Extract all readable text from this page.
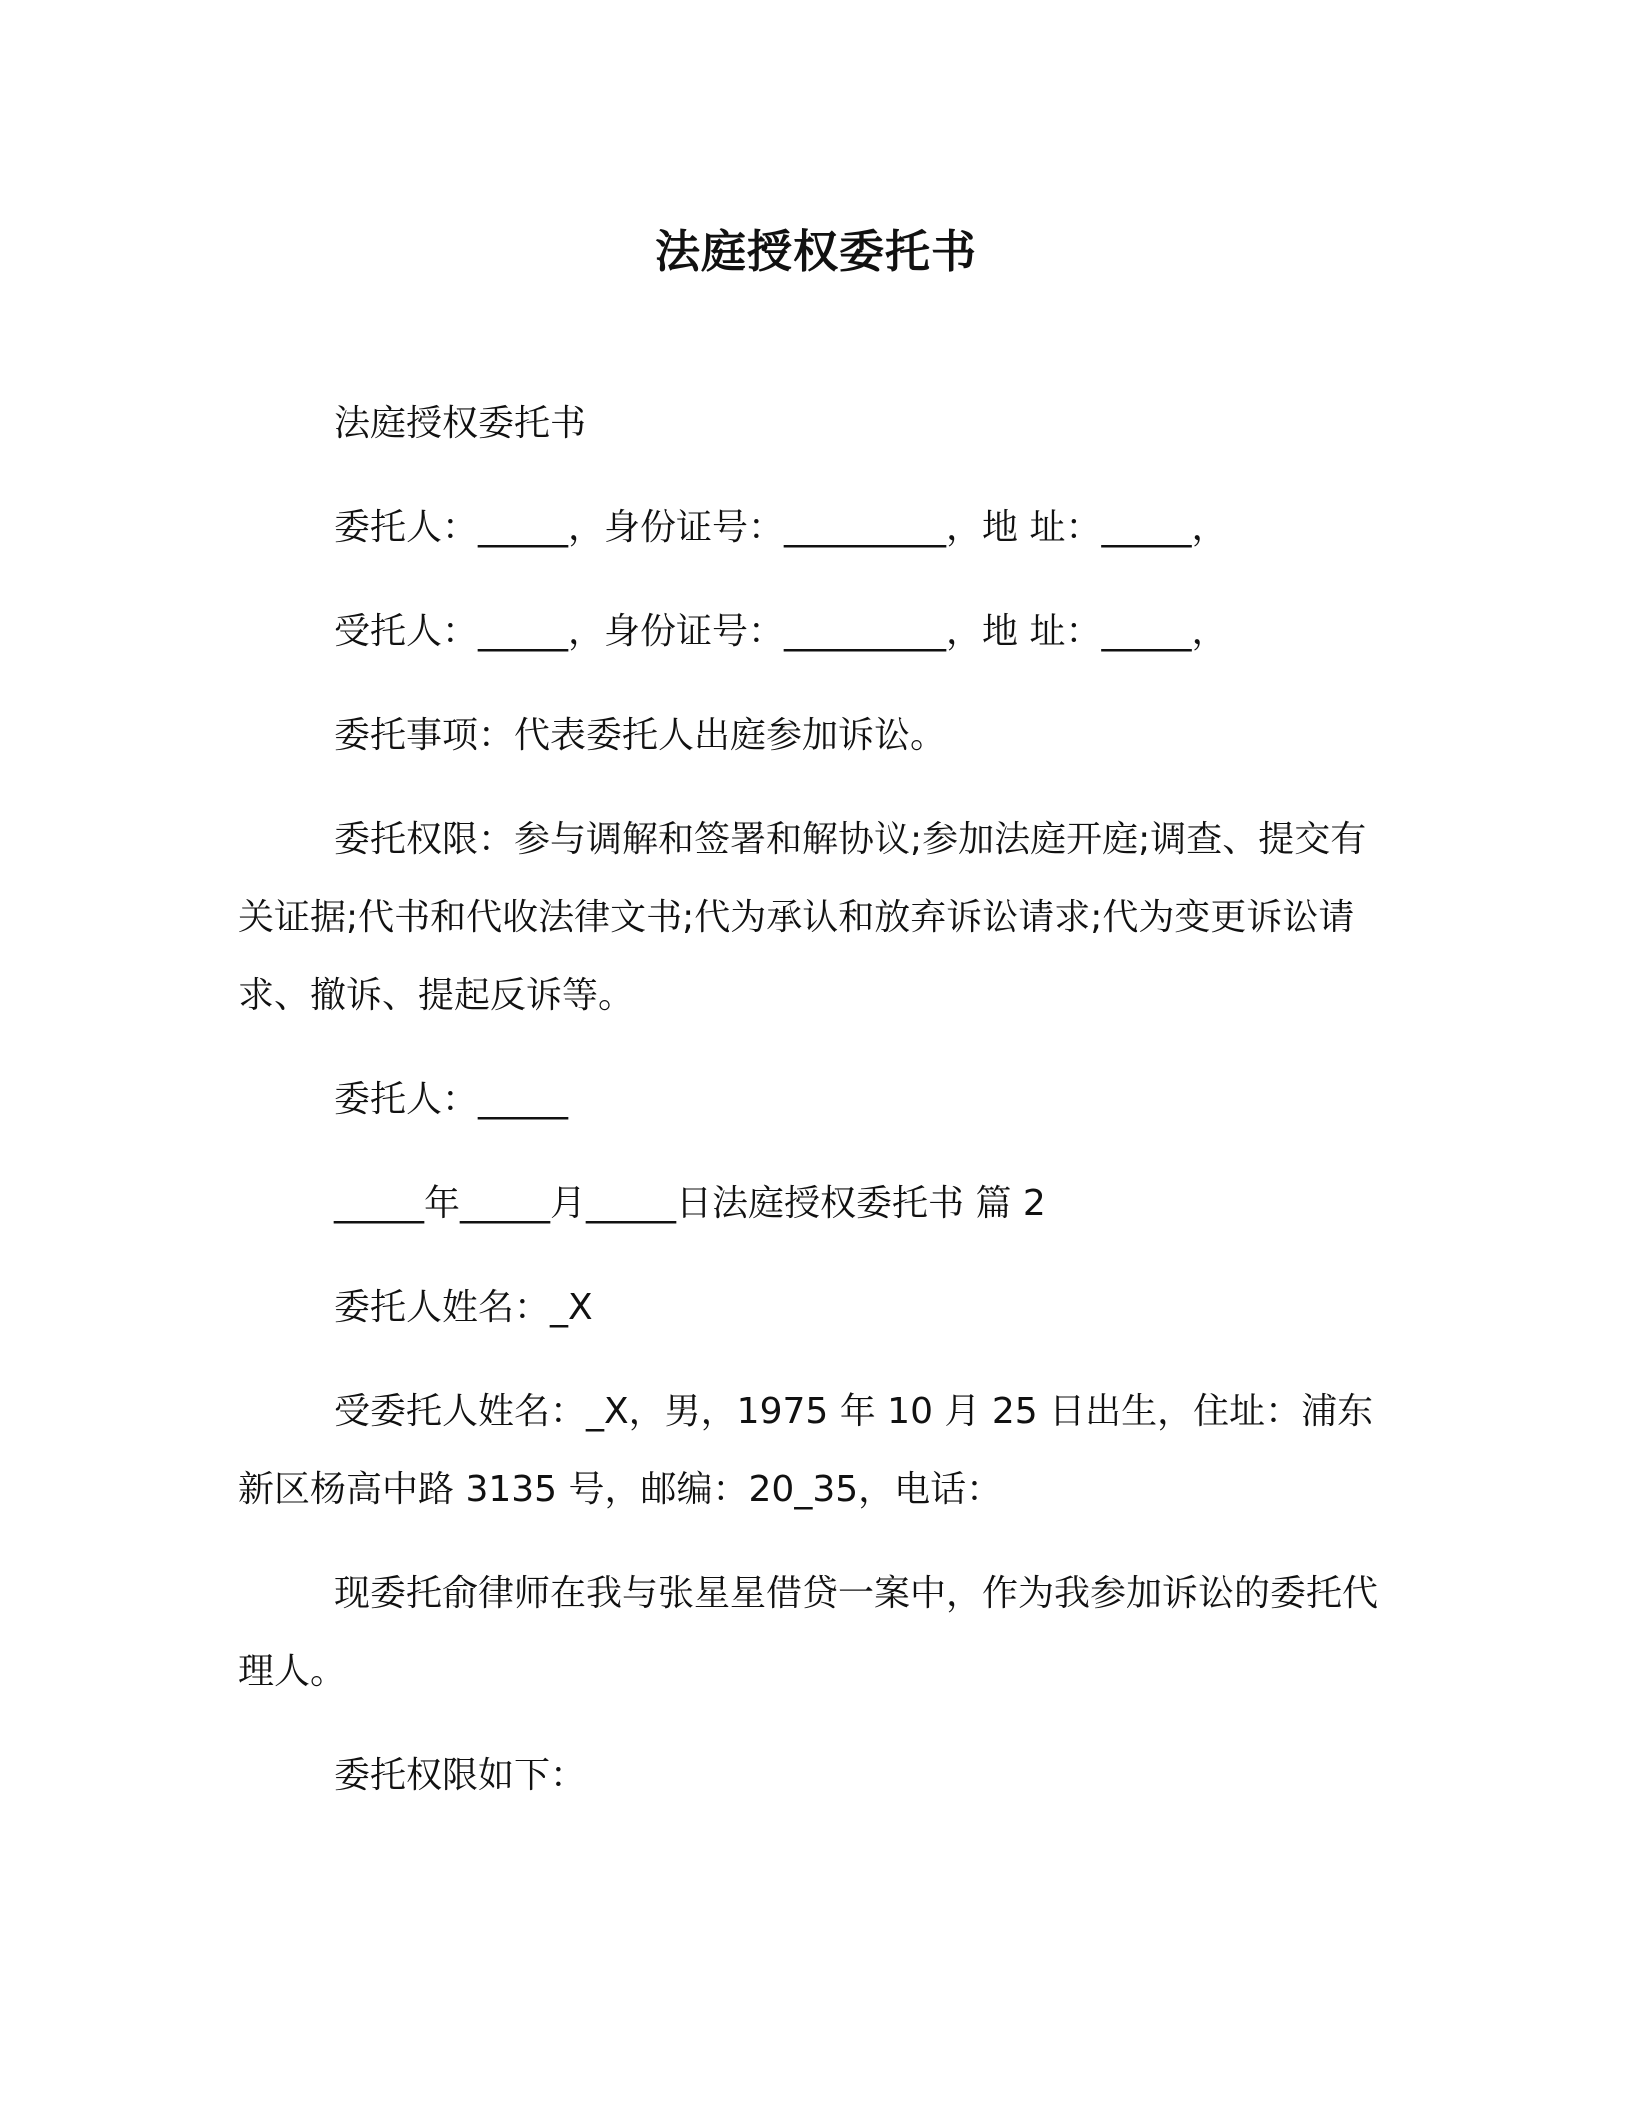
法庭授权委托书

法庭授权委托书

委托人：_____，身份证号：_________，地 址：_____，

受托人：_____，身份证号：_________，地 址：_____，

委托事项：代表委托人出庭参加诉讼。

委托权限：参与调解和签署和解协议;参加法庭开庭;调查、提交有关证据;代书和代收法律文书;代为承认和放弃诉讼请求;代为变更诉讼请求、撤诉、提起反诉等。

委托人：_____

_____年_____月_____日法庭授权委托书 篇 2

委托人姓名：_X

受委托人姓名：_X，男，1975 年 10 月 25 日出生，住址：浦东新区杨高中路 3135 号，邮编：20_35，电话：

现委托俞律师在我与张星星借贷一案中，作为我参加诉讼的委托代理人。

委托权限如下：
